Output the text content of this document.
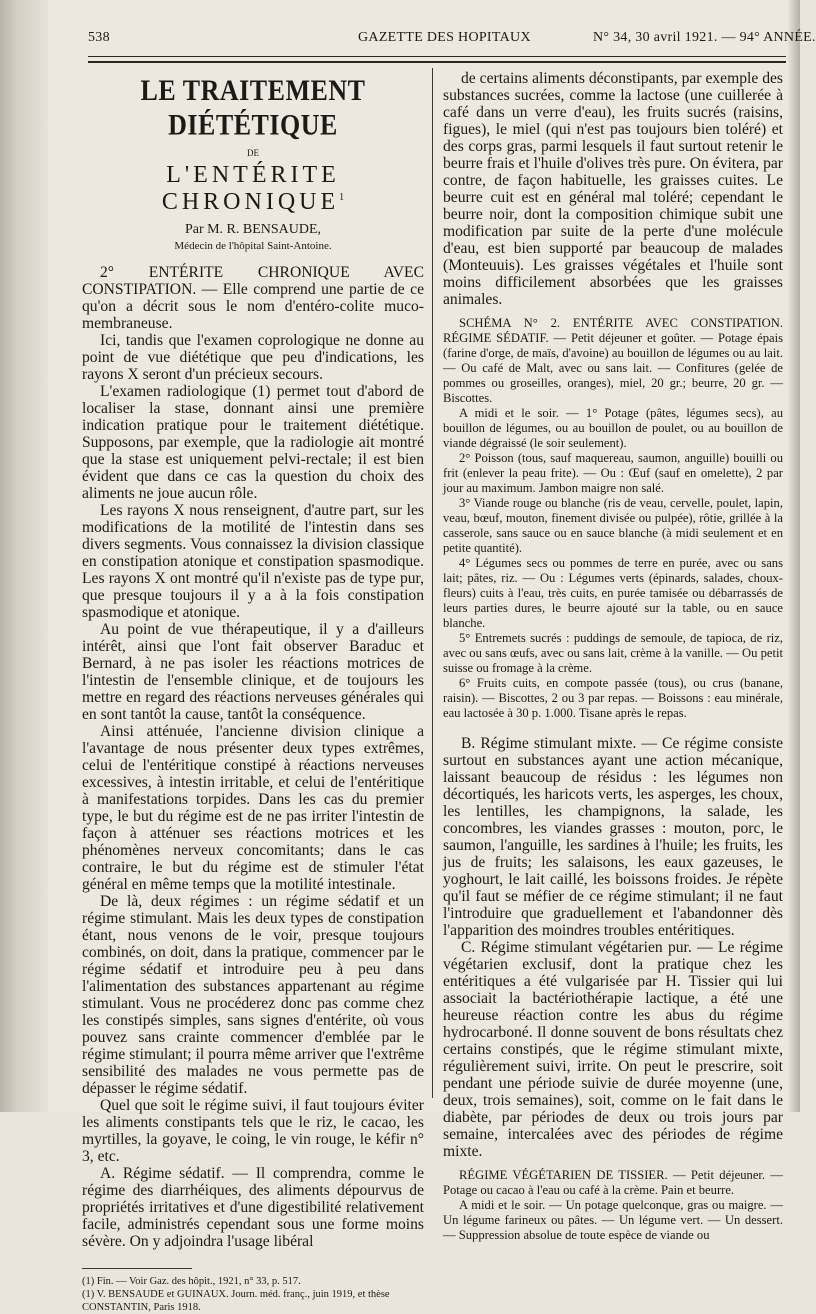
538	GAZETTE DES HOPITAUX	N° 34, 30 avril 1921. — 94° ANNÉE.
LE TRAITEMENT DIÉTÉTIQUE
DE
L'ENTÉRITE CHRONIQUE$^1$
Par M. R. BENSAUDE,
Médecin de l'hôpital Saint-Antoine.

2° ENTÉRITE CHRONIQUE AVEC CONSTIPATION. — Elle comprend une partie de ce qu'on a décrit sous le nom d'entéro-colite muco-membraneuse.

Ici, tandis que l'examen coprologique ne donne au point de vue diététique que peu d'indications, les rayons X seront d'un précieux secours.

L'examen radiologique (1) permet tout d'abord de localiser la stase, donnant ainsi une première indication pratique pour le traitement diététique. Supposons, par exemple, que la radiologie ait montré que la stase est uniquement pelvi-rectale; il est bien évident que dans ce cas la question du choix des aliments ne joue aucun rôle.

Les rayons X nous renseignent, d'autre part, sur les modifications de la motilité de l'intestin dans ses divers segments. Vous connaissez la division classique en constipation atonique et constipation spasmodique. Les rayons X ont montré qu'il n'existe pas de type pur, que presque toujours il y a à la fois constipation spasmodique et atonique.

Au point de vue thérapeutique, il y a d'ailleurs intérêt, ainsi que l'ont fait observer Baraduc et Bernard, à ne pas isoler les réactions motrices de l'intestin de l'ensemble clinique, et de toujours les mettre en regard des réactions nerveuses générales qui en sont tantôt la cause, tantôt la conséquence.

Ainsi atténuée, l'ancienne division clinique a l'avantage de nous présenter deux types extrêmes, celui de l'entéritique constipé à réactions nerveuses excessives, à intestin irritable, et celui de l'entéritique à manifestations torpides. Dans les cas du premier type, le but du régime est de ne pas irriter l'intestin de façon à atténuer ses réactions motrices et les phénomènes nerveux concomitants; dans le cas contraire, le but du régime est de stimuler l'état général en même temps que la motilité intestinale.

De là, deux régimes : un régime sédatif et un régime stimulant. Mais les deux types de constipation étant, nous venons de le voir, presque toujours combinés, on doit, dans la pratique, commencer par le régime sédatif et introduire peu à peu dans l'alimentation des substances appartenant au régime stimulant. Vous ne procéderez donc pas comme chez les constipés simples, sans signes d'entérite, où vous pouvez sans crainte commencer d'emblée par le régime stimulant; il pourra même arriver que l'extrême sensibilité des malades ne vous permette pas de dépasser le régime sédatif.

Quel que soit le régime suivi, il faut toujours éviter les aliments constipants tels que le riz, le cacao, les myrtilles, la goyave, le coing, le vin rouge, le kéfir n° 3, etc.

A. Régime sédatif. — Il comprendra, comme le régime des diarrhéiques, des aliments dépourvus de propriétés irritatives et d'une digestibilité relativement facile, administrés cependant sous une forme moins sévère. On y adjoindra l'usage libéral

(1) Fin. — Voir Gaz. des hôpit., 1921, n° 33, p. 517.

(1) V. BENSAUDE et GUINAUX. Journ. méd. franç., juin 1919, et thèse CONSTANTIN, Paris 1918.

de certains aliments déconstipants, par exemple des substances sucrées, comme la lactose (une cuillerée à café dans un verre d'eau), les fruits sucrés (raisins, figues), le miel (qui n'est pas toujours bien toléré) et des corps gras, parmi lesquels il faut surtout retenir le beurre frais et l'huile d'olives très pure. On évitera, par contre, de façon habituelle, les graisses cuites. Le beurre cuit est en général mal toléré; cependant le beurre noir, dont la composition chimique subit une modification par suite de la perte d'une molécule d'eau, est bien supporté par beaucoup de malades (Monteuuis). Les graisses végétales et l'huile sont moins difficilement absorbées que les graisses animales.

SCHÉMA N° 2. ENTÉRITE AVEC CONSTIPATION. RÉGIME SÉDATIF. — Petit déjeuner et goûter. — Potage épais (farine d'orge, de maïs, d'avoine) au bouillon de légumes ou au lait. — Ou café de Malt, avec ou sans lait. — Confitures (gelée de pommes ou groseilles, oranges), miel, 20 gr.; beurre, 20 gr. — Biscottes.

A midi et le soir. — 1° Potage (pâtes, légumes secs), au bouillon de légumes, ou au bouillon de poulet, ou au bouillon de viande dégraissé (le soir seulement).

2° Poisson (tous, sauf maquereau, saumon, anguille) bouilli ou frit (enlever la peau frite). — Ou : Œuf (sauf en omelette), 2 par jour au maximum. Jambon maigre non salé.

3° Viande rouge ou blanche (ris de veau, cervelle, poulet, lapin, veau, bœuf, mouton, finement divisée ou pulpée), rôtie, grillée à la casserole, sans sauce ou en sauce blanche (à midi seulement et en petite quantité).

4° Légumes secs ou pommes de terre en purée, avec ou sans lait; pâtes, riz. — Ou : Légumes verts (épinards, salades, choux-fleurs) cuits à l'eau, très cuits, en purée tamisée ou débarrassés de leurs parties dures, le beurre ajouté sur la table, ou en sauce blanche.

5° Entremets sucrés : puddings de semoule, de tapioca, de riz, avec ou sans œufs, avec ou sans lait, crème à la vanille. — Ou petit suisse ou fromage à la crème.

6° Fruits cuits, en compote passée (tous), ou crus (banane, raisin). — Biscottes, 2 ou 3 par repas. — Boissons : eau minérale, eau lactosée à 30 p. 1.000. Tisane après le repas.

B. Régime stimulant mixte. — Ce régime consiste surtout en substances ayant une action mécanique, laissant beaucoup de résidus : les légumes non décortiqués, les haricots verts, les asperges, les choux, les lentilles, les champignons, la salade, les concombres, les viandes grasses : mouton, porc, le saumon, l'anguille, les sardines à l'huile; les fruits, les jus de fruits; les salaisons, les eaux gazeuses, le yoghourt, le lait caillé, les boissons froides. Je répète qu'il faut se méfier de ce régime stimulant; il ne faut l'introduire que graduellement et l'abandonner dès l'apparition des moindres troubles entéritiques.

C. Régime stimulant végétarien pur. — Le régime végétarien exclusif, dont la pratique chez les entéritiques a été vulgarisée par H. Tissier qui lui associait la bactériothérapie lactique, a été une heureuse réaction contre les abus du régime hydrocarboné. Il donne souvent de bons résultats chez certains constipés, que le régime stimulant mixte, régulièrement suivi, irrite. On peut le prescrire, soit pendant une période suivie de durée moyenne (une, deux, trois semaines), soit, comme on le fait dans le diabète, par périodes de deux ou trois jours par semaine, intercalées avec des périodes de régime mixte.

RÉGIME VÉGÉTARIEN DE TISSIER. — Petit déjeuner. — Potage ou cacao à l'eau ou café à la crème. Pain et beurre.

A midi et le soir. — Un potage quelconque, gras ou maigre. — Un légume farineux ou pâtes. — Un légume vert. — Un dessert. — Suppression absolue de toute espèce de viande ou
